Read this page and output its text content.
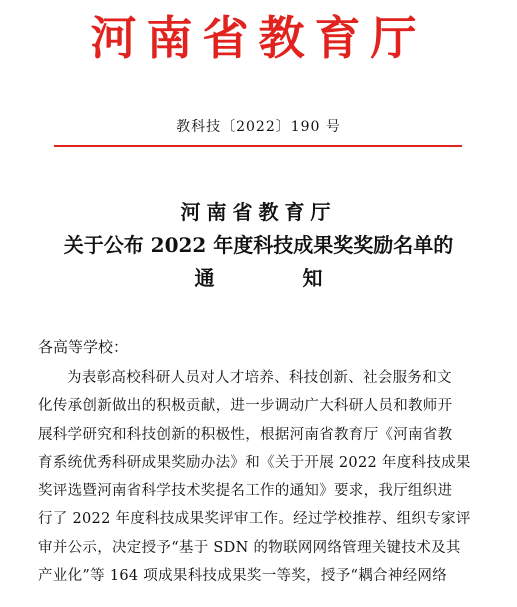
河南省教育厅
教科技〔2022〕190 号
河南省教育厅
关于公布 2022 年度科技成果奖奖励名单的
通	知
各高等学校：
为表彰高校科研人员对人才培养、科技创新、社会服务和文
化传承创新做出的积极贡献，进一步调动广大科研人员和教师开
展科学研究和科技创新的积极性，根据河南省教育厅《河南省教
育系统优秀科研成果奖励办法》和《关于开展 2022 年度科技成果
奖评选暨河南省科学技术奖提名工作的通知》要求，我厅组织进
行了 2022 年度科技成果奖评审工作。经过学校推荐、组织专家评
审并公示，决定授予“基于 SDN 的物联网网络管理关键技术及其
产业化”等 164 项成果科技成果奖一等奖，授予“耦合神经网络
